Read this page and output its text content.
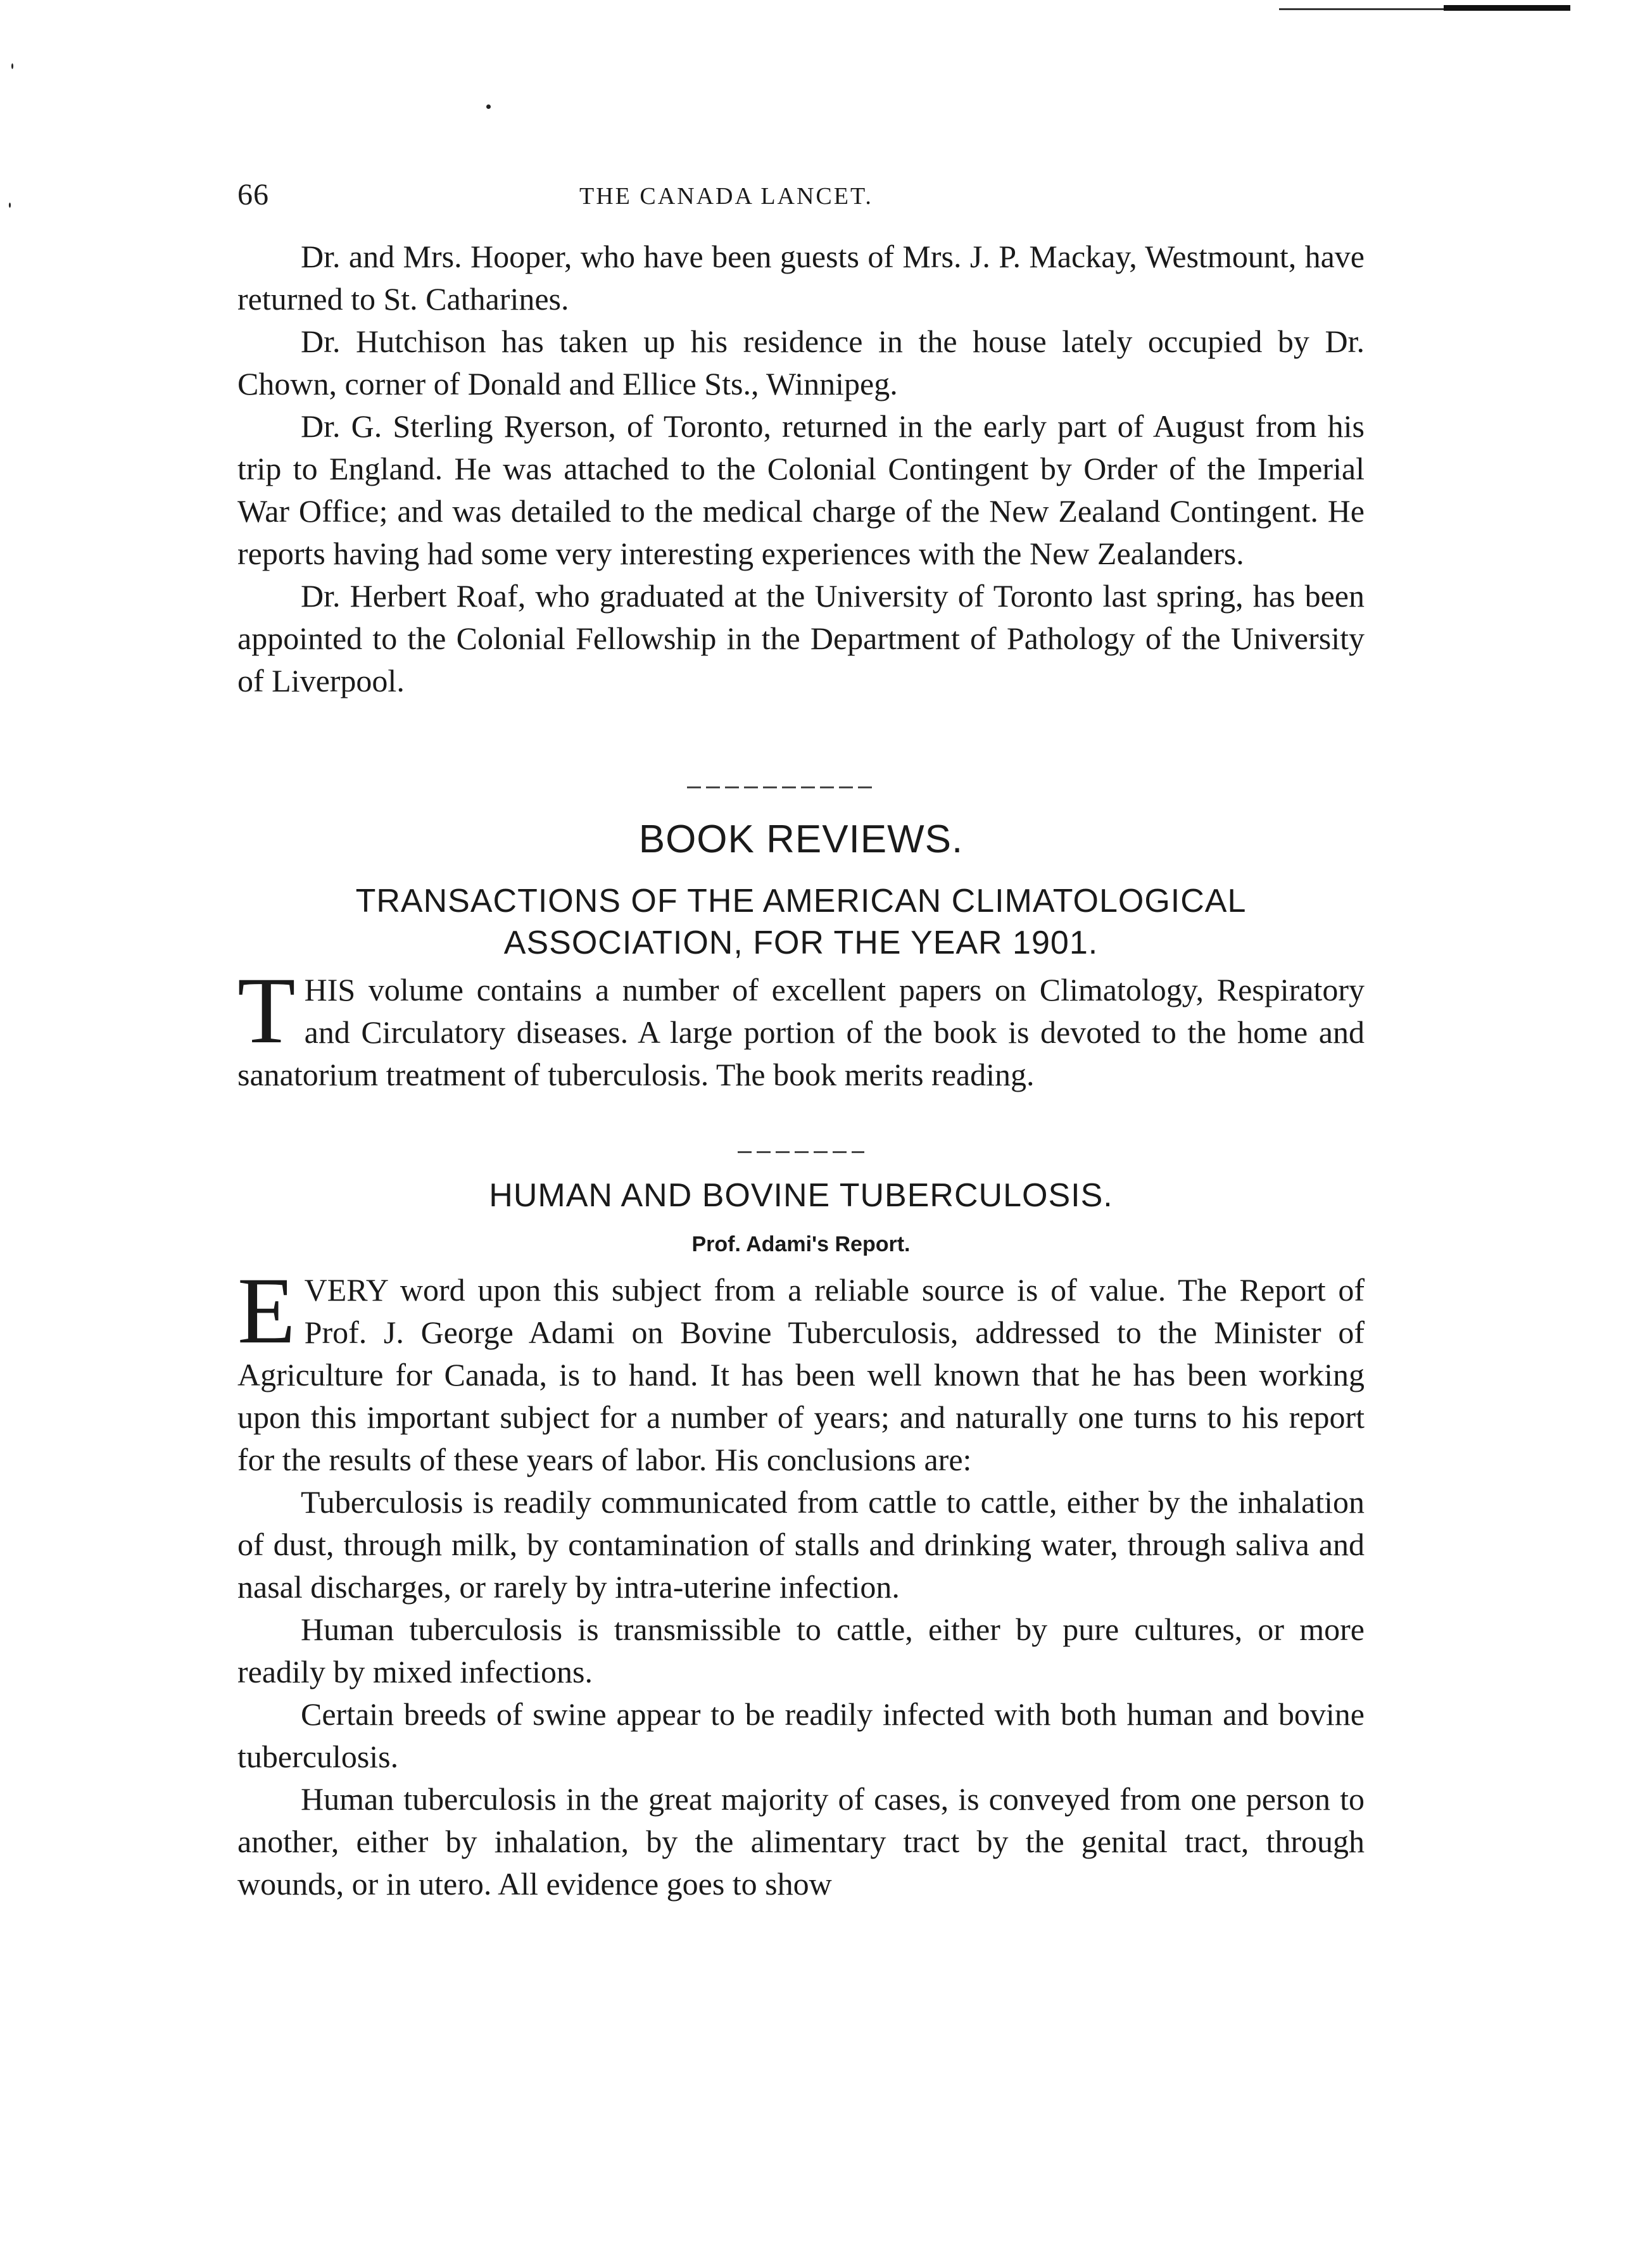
66	THE CANADA LANCET.

Dr. and Mrs. Hooper, who have been guests of Mrs. J. P. Mackay, Westmount, have returned to St. Catharines.

Dr. Hutchison has taken up his residence in the house lately occupied by Dr. Chown, corner of Donald and Ellice Sts., Winnipeg.

Dr. G. Sterling Ryerson, of Toronto, returned in the early part of August from his trip to England. He was attached to the Colonial Contingent by Order of the Imperial War Office; and was detailed to the medical charge of the New Zealand Contingent. He reports having had some very interesting experiences with the New Zealanders.

Dr. Herbert Roaf, who graduated at the University of Toronto last spring, has been appointed to the Colonial Fellowship in the Department of Pathology of the University of Liverpool.

BOOK REVIEWS.
TRANSACTIONS OF THE AMERICAN CLIMATOLOGICAL ASSOCIATION, FOR THE YEAR 1901.
T HIS volume contains a number of excellent papers on Climatology, Respiratory and Circulatory diseases. A large portion of the book is devoted to the home and sanatorium treatment of tuberculosis. The book merits reading.

HUMAN AND BOVINE TUBERCULOSIS.
Prof. Adami's Report.
E VERY word upon this subject from a reliable source is of value. The Report of Prof. J. George Adami on Bovine Tuberculosis, addressed to the Minister of Agriculture for Canada, is to hand. It has been well known that he has been working upon this important subject for a number of years; and naturally one turns to his report for the results of these years of labor. His conclusions are:

Tuberculosis is readily communicated from cattle to cattle, either by the inhalation of dust, through milk, by contamination of stalls and drinking water, through saliva and nasal discharges, or rarely by intra-uterine infection.

Human tuberculosis is transmissible to cattle, either by pure cultures, or more readily by mixed infections.

Certain breeds of swine appear to be readily infected with both human and bovine tuberculosis.

Human tuberculosis in the great majority of cases, is conveyed from one person to another, either by inhalation, by the alimentary tract by the genital tract, through wounds, or in utero. All evidence goes to show
